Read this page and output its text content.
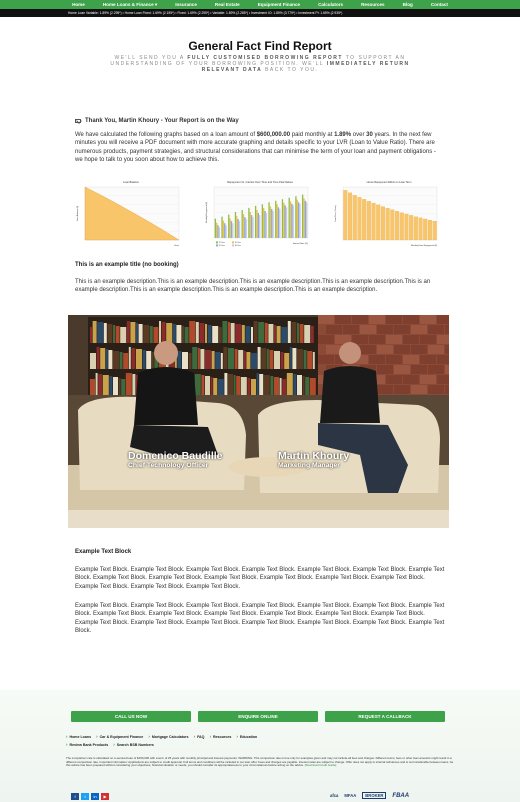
Home	Home Loans & Finance ▾	Insurance	Real Estate	Equipment Finance	Calculators	Resources	Blog	Contact
Home Loan Variable: 1.89% (2.295*) • Home Loan Fixed: 1.69% (2.195*) • Fixed: 1.69% (2.295*) • Variable: 1.89% (2.285*) • Investment IO: 1.89% (3.779*) • Investment PI: 1.65% (2.935*)
General Fact Find Report
WE'LL SEND YOU A FULLY CUSTOMISED BORROWING REPORT TO SUPPORT AN UNDERSTANDING OF YOUR BORROWING POSITION. WE'LL IMMEDIATELY RETURN RELEVANT DATA BACK TO YOU.
Thank You, Martin Khoury - Your Report is on the Way
We have calculated the following graphs based on a loan amount of $600,000.00 paid monthly at 1.89% over 30 years. In the next few minutes you will receive a PDF document with more accurate graphing and details specific to your LVR (Loan to Value Ratio). There are numerous products, payment strategies, and structural considerations that can minimise the term of your loan and payment obligations - we hope to talk to you soon about how to achieve this.
Loan Balance
Years
Loan Balance ($)
Repayment Vs. Interest Over Time and Time Paid Values
Interest Rate (%)
Monthly Repayment ($)
15 Year	20 Year
25 Year	30 Year
Home Repayment Effect on Loan Term
Monthly Extra Repayment ($)
Loan Term (Years)
This is an example title (no booking)
This is an example description.This is an example description.This is an example description.This is an example description.This is an example description.This is an example description.This is an example description.This is an example description.
Domenico Baudille
Chief Technology Officer
Martin Khoury
Marketing Manager
Example Text Block
Example Text Block. Example Text Block. Example Text Block. Example Text Block. Example Text Block. Example Text Block. Example Text Block. Example Text Block. Example Text Block. Example Text Block. Example Text Block. Example Text Block. Example Text Block. Example Text Block. Example Text Block. Example Text Block.
Example Text Block. Example Text Block. Example Text Block. Example Text Block. Example Text Block. Example Text Block. Example Text Block. Example Text Block. Example Text Block. Example Text Block. Example Text Block. Example Text Block. Example Text Block. Example Text Block. Example Text Block. Example Text Block. Example Text Block. Example Text Block. Example Text Block. Example Text Block.
CALL US NOW	ENQUIRE ONLINE	REQUEST A CALLBACK
› Home Loans › Car & Equipment Finance › Mortgage Calculators › FAQ › Resources › Education
› Review Bank Products › Search BSB Numbers
The comparison rate is calculated on a secured loan of $150,000 with a term of 25 years with monthly principal and interest payments. WARNING: This comparison rate is true only for examples given and may not include all fees and charges. Different terms, fees or other loan amounts might result in a different comparison rate. Important information: Applications are subject to credit approval. Full terms and conditions will be included in our loan offer. Fees and charges are payable. Interest rates are subject to change. Offer does not apply to internal refinances and is not transferable between loans. As this advice has been prepared without considering your objectives, financial situation or needs, you should consider its appropriateness to your circumstances before acting on the advice. [Download Credit Guide]
f	t	in	▶	afca MFAA	BROKER	FBAA
